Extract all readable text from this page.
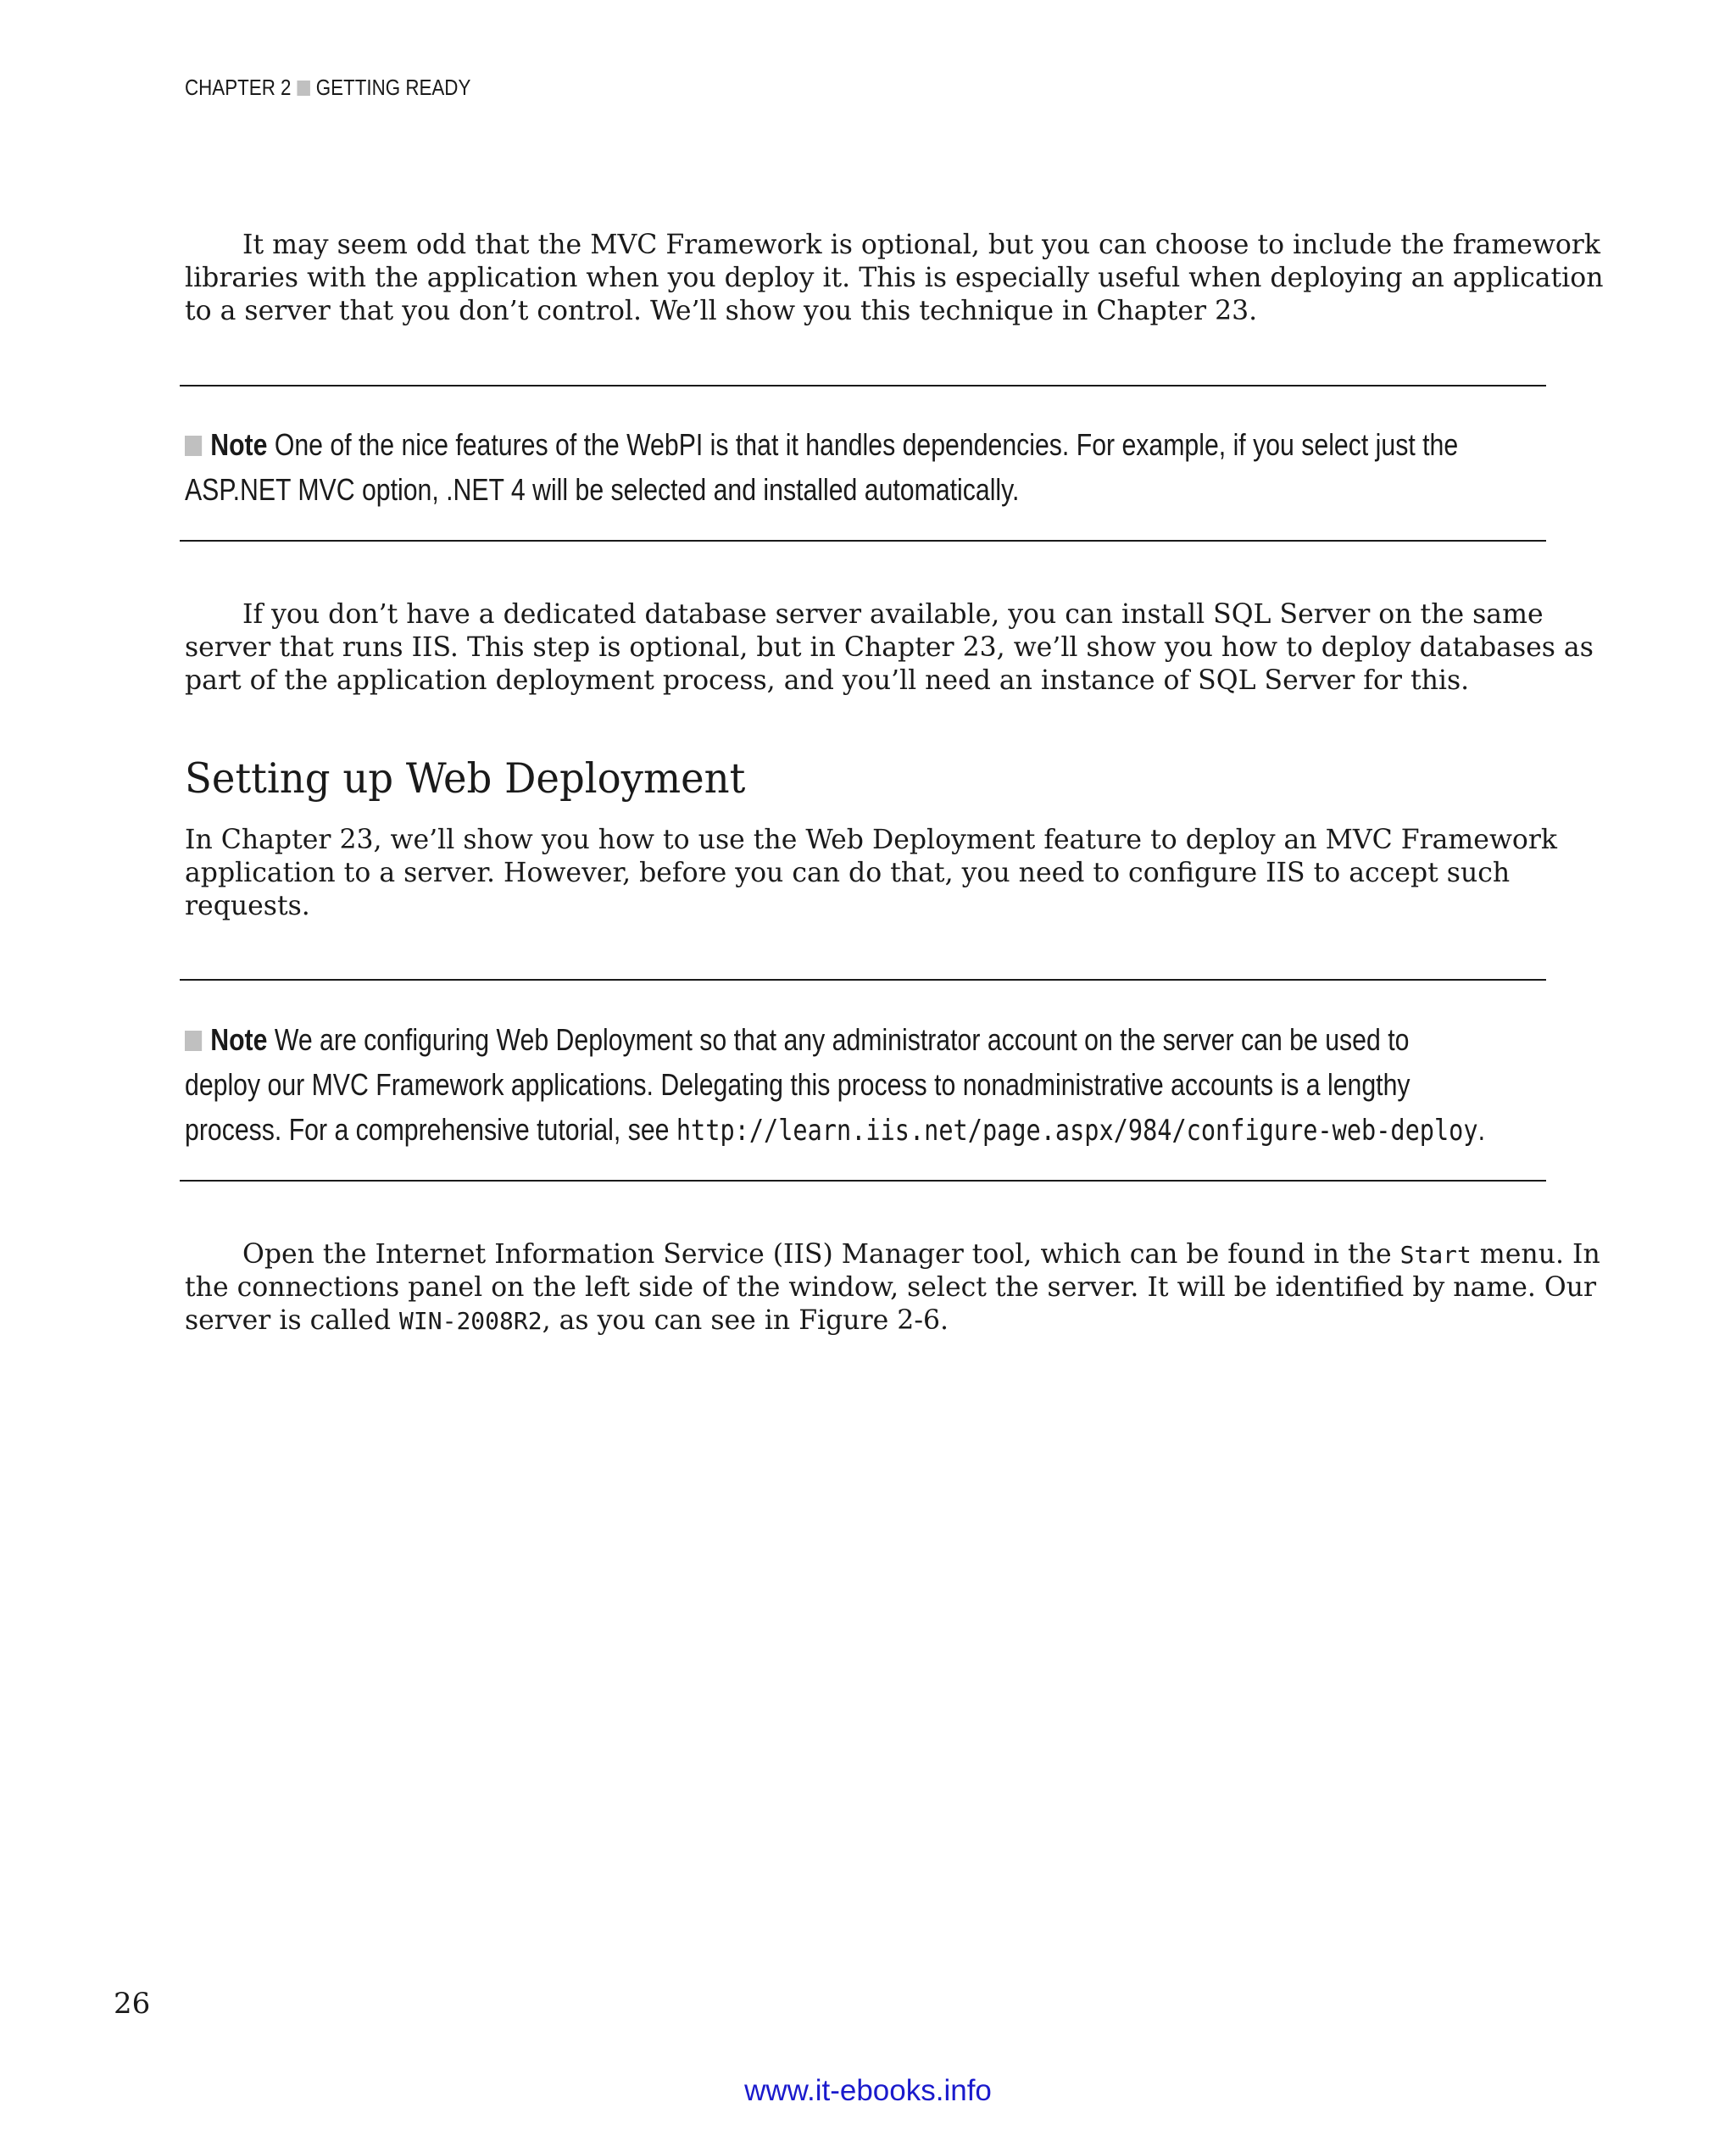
CHAPTER 2 GETTING READY
It may seem odd that the MVC Framework is optional, but you can choose to include the framework
libraries with the application when you deploy it. This is especially useful when deploying an application
to a server that you don’t control. We’ll show you this technique in Chapter 23.
Note One of the nice features of the WebPI is that it handles dependencies. For example, if you select just the
ASP.NET MVC option, .NET 4 will be selected and installed automatically.
If you don’t have a dedicated database server available, you can install SQL Server on the same
server that runs IIS. This step is optional, but in Chapter 23, we’ll show you how to deploy databases as
part of the application deployment process, and you’ll need an instance of SQL Server for this.
Setting up Web Deployment
In Chapter 23, we’ll show you how to use the Web Deployment feature to deploy an MVC Framework
application to a server. However, before you can do that, you need to configure IIS to accept such
requests.
Note We are configuring Web Deployment so that any administrator account on the server can be used to
deploy our MVC Framework applications. Delegating this process to nonadministrative accounts is a lengthy
process. For a comprehensive tutorial, see http://learn.iis.net/page.aspx/984/configure-web-deploy.
Open the Internet Information Service (IIS) Manager tool, which can be found in the Start menu. In
the connections panel on the left side of the window, select the server. It will be identified by name. Our
server is called WIN-2008R2, as you can see in Figure 2-6.
26
www.it-ebooks.info
